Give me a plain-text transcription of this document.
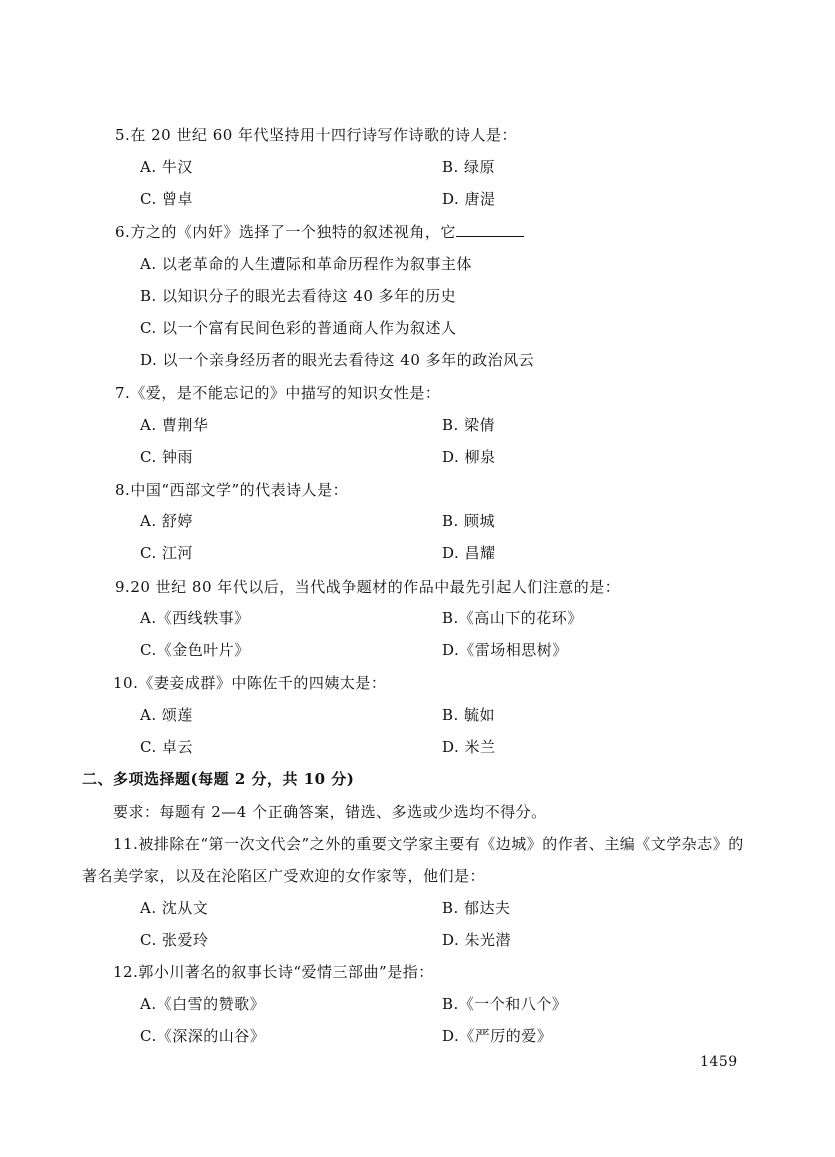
5.在 20 世纪 60 年代坚持用十四行诗写作诗歌的诗人是：
A. 牛汉	B. 绿原
C. 曾卓	D. 唐湜
6.方之的《内奸》选择了一个独特的叙述视角，它
A. 以老革命的人生遭际和革命历程作为叙事主体
B. 以知识分子的眼光去看待这 40 多年的历史
C. 以一个富有民间色彩的普通商人作为叙述人
D. 以一个亲身经历者的眼光去看待这 40 多年的政治风云
7.《爱，是不能忘记的》中描写的知识女性是：
A. 曹荆华	B. 梁倩
C. 钟雨	D. 柳泉
8.中国“西部文学”的代表诗人是：
A. 舒婷	B. 顾城
C. 江河	D. 昌耀
9.20 世纪 80 年代以后，当代战争题材的作品中最先引起人们注意的是：
A.《西线轶事》	B.《高山下的花环》
C.《金色叶片》	D.《雷场相思树》
10.《妻妾成群》中陈佐千的四姨太是：
A. 颂莲	B. 毓如
C. 卓云	D. 米兰
二、多项选择题(每题 2 分，共 10 分)
要求：每题有 2—4 个正确答案，错选、多选或少选均不得分。
11.被排除在“第一次文代会”之外的重要文学家主要有《边城》的作者、主编《文学杂志》的
著名美学家，以及在沦陷区广受欢迎的女作家等，他们是：
A. 沈从文	B. 郁达夫
C. 张爱玲	D. 朱光潜
12.郭小川著名的叙事长诗“爱情三部曲”是指：
A.《白雪的赞歌》	B.《一个和八个》
C.《深深的山谷》	D.《严厉的爱》
1459
